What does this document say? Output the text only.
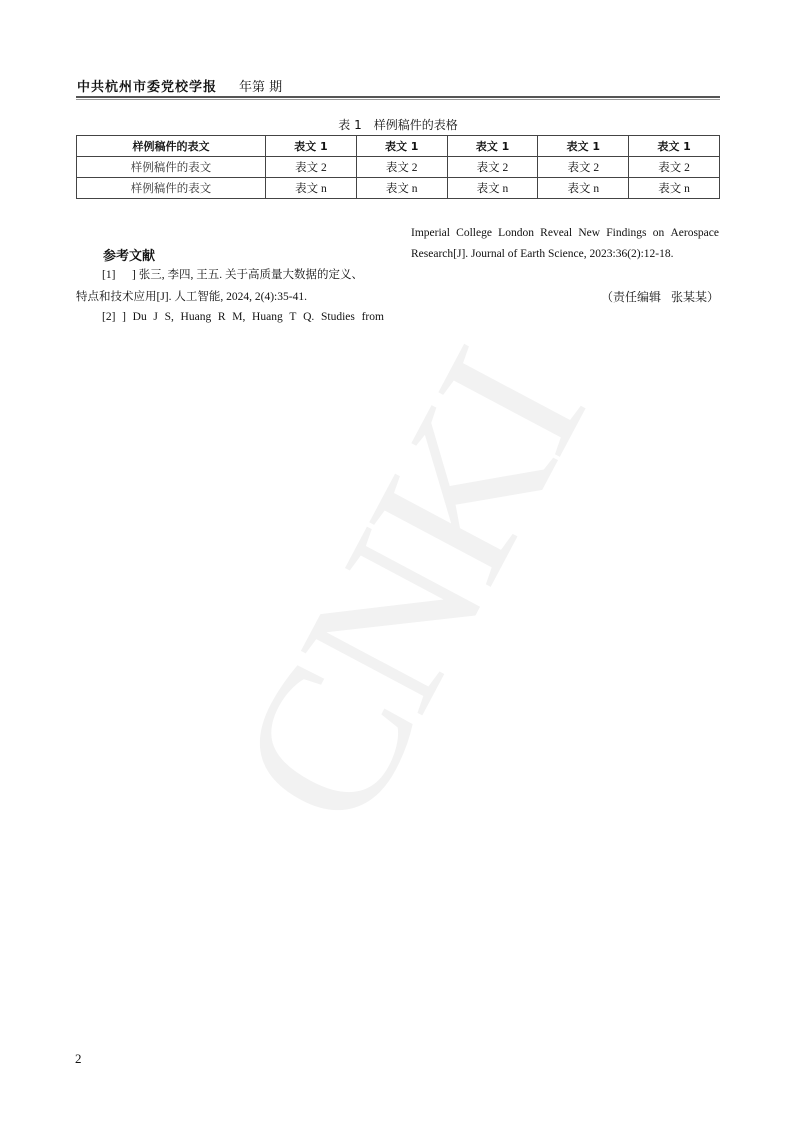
中共杭州市委党校学报 年第 期
表 1 样例稿件的表格
样例稿件的表文	表文 1	表文 1	表文 1	表文 1	表文 1
样例稿件的表文	表文 2	表文 2	表文 2	表文 2	表文 2
样例稿件的表文	表文 n	表文 n	表文 n	表文 n	表文 n
参考文献
[1] ] 张三, 李四, 王五. 关于高质量大数据的定义、
特点和技术应用[J]. 人工智能, 2024, 2(4):35-41.
[2] ] Du J S, Huang R M, Huang T Q. Studies from
Imperial College London Reveal New Findings on Aerospace
Research[J]. Journal of Earth Science, 2023:36(2):12-18.
（责任编辑 张某某）
CNKI
2
